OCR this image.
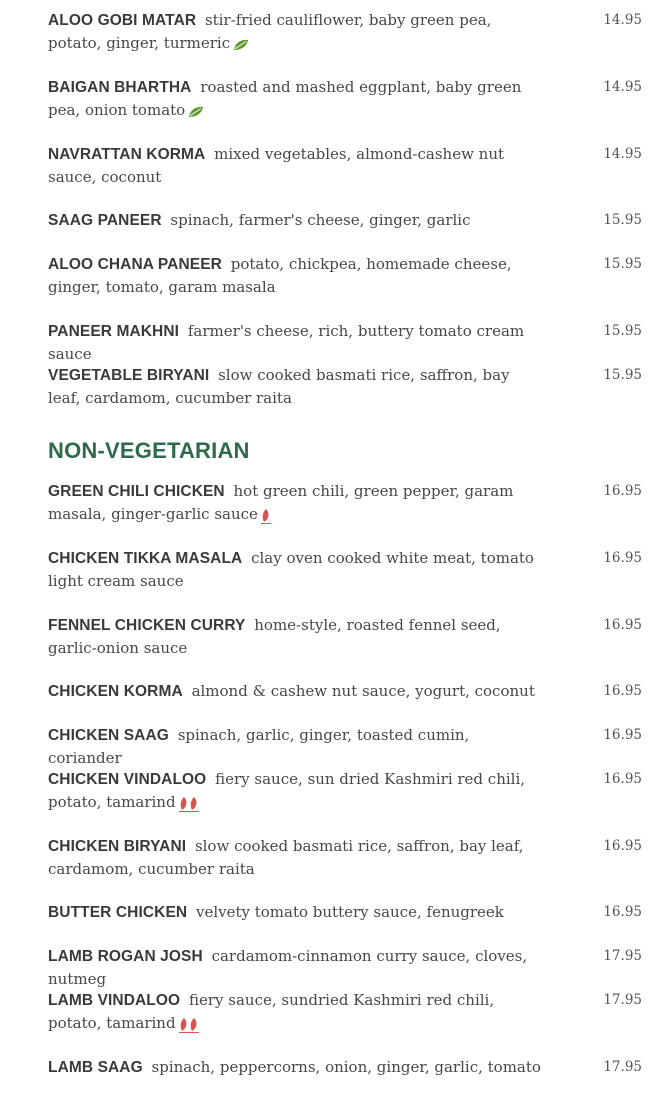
ALOO GOBI MATAR stir-fried cauliflower, baby green pea, potato, ginger, turmeric
14.95
BAIGAN BHARTHA roasted and mashed eggplant, baby green pea, onion tomato
14.95
NAVRATTAN KORMA mixed vegetables, almond-cashew nut sauce, coconut
14.95
SAAG PANEER spinach, farmer's cheese, ginger, garlic	15.95
ALOO CHANA PANEER potato, chickpea, homemade cheese, ginger, tomato, garam masala
15.95
PANEER MAKHNI farmer's cheese, rich, buttery tomato cream sauce
15.95
VEGETABLE BIRYANI slow cooked basmati rice, saffron, bay leaf, cardamom, cucumber raita
15.95
NON-VEGETARIAN
GREEN CHILI CHICKEN hot green chili, green pepper, garam masala, ginger-garlic sauce
16.95
CHICKEN TIKKA MASALA clay oven cooked white meat, tomato light cream sauce
16.95
FENNEL CHICKEN CURRY home-style, roasted fennel seed, garlic-onion sauce
16.95
CHICKEN KORMA almond & cashew nut sauce, yogurt, coconut	16.95
CHICKEN SAAG spinach, garlic, ginger, toasted cumin, coriander
16.95
CHICKEN VINDALOO fiery sauce, sun dried Kashmiri red chili, potato, tamarind
16.95
CHICKEN BIRYANI slow cooked basmati rice, saffron, bay leaf, cardamom, cucumber raita
16.95
BUTTER CHICKEN velvety tomato buttery sauce, fenugreek	16.95
LAMB ROGAN JOSH cardamom-cinnamon curry sauce, cloves, nutmeg
17.95
LAMB VINDALOO fiery sauce, sundried Kashmiri red chili, potato, tamarind
17.95
LAMB SAAG spinach, peppercorns, onion, ginger, garlic, tomato	17.95
